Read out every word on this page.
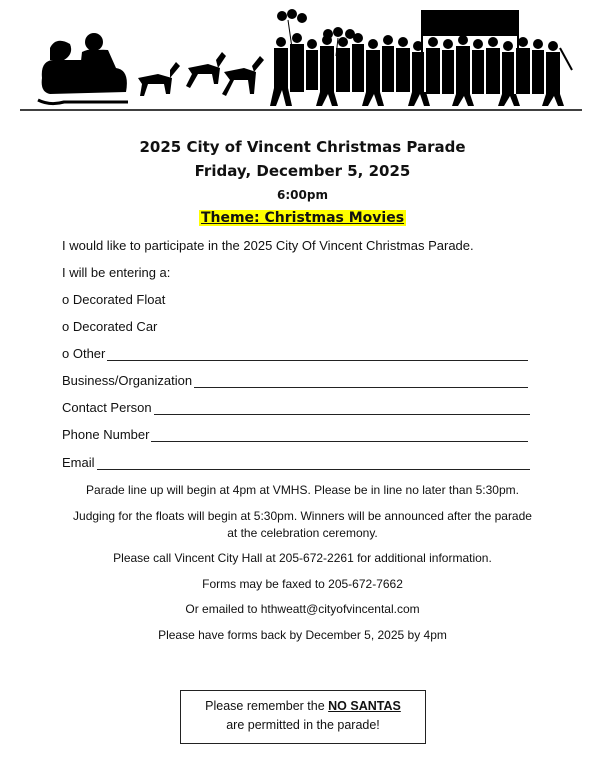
2025 City of Vincent Christmas Parade
Friday, December 5, 2025
6:00pm
Theme: Christmas Movies
I would like to participate in the 2025 City Of Vincent Christmas Parade.
I will be entering a:
o Decorated Float
o Decorated Car
o Other
Business/Organization
Contact Person
Phone Number
Email
Parade line up will begin at 4pm at VMHS. Please be in line no later than 5:30pm.
Judging for the floats will begin at 5:30pm. Winners will be announced after the parade at the celebration ceremony.
Please call Vincent City Hall at 205-672-2261 for additional information.
Forms may be faxed to 205-672-7662
Or emailed to hthweatt@cityofvincental.com
Please have forms back by December 5, 2025 by 4pm
Please remember the NO SANTAS
are permitted in the parade!
